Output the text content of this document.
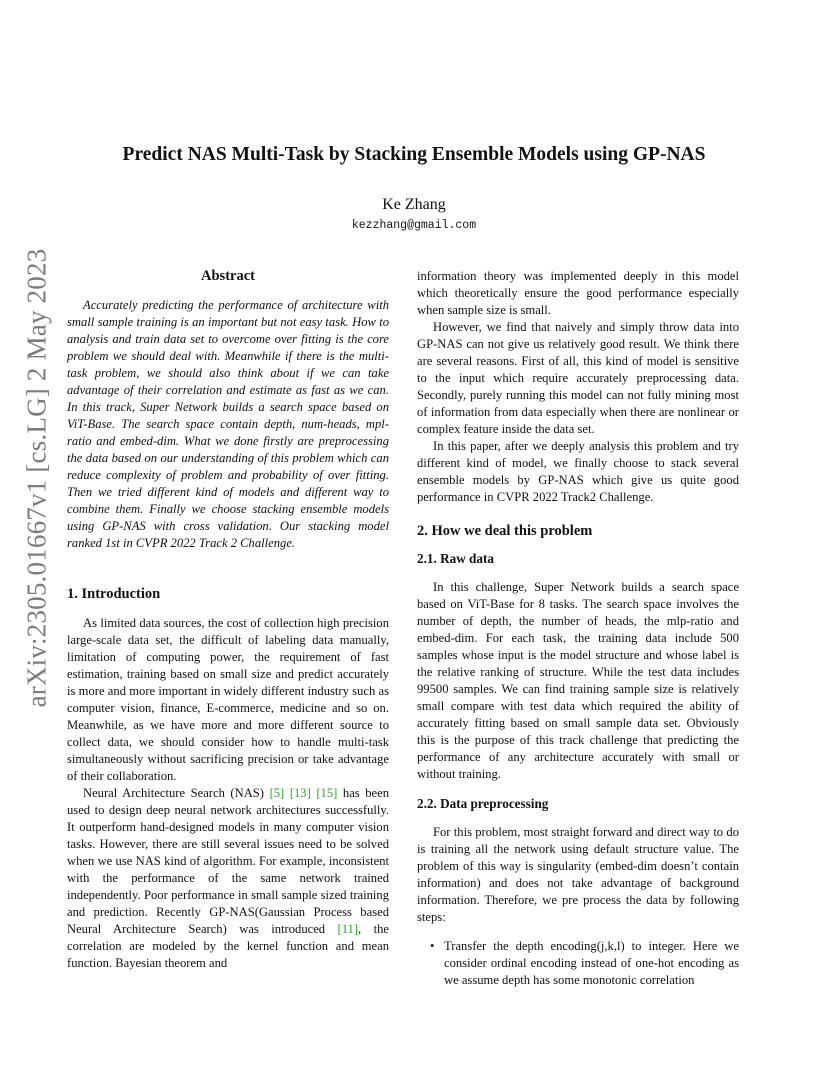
arXiv:2305.01667v1 [cs.LG] 2 May 2023
Predict NAS Multi-Task by Stacking Ensemble Models using GP-NAS
Ke Zhang
kezzhang@gmail.com
Abstract

Accurately predicting the performance of architecture with small sample training is an important but not easy task. How to analysis and train data set to overcome over fitting is the core problem we should deal with. Meanwhile if there is the multi-task problem, we should also think about if we can take advantage of their correlation and estimate as fast as we can. In this track, Super Network builds a search space based on ViT-Base. The search space contain depth, num-heads, mpl-ratio and embed-dim. What we done firstly are preprocessing the data based on our understanding of this problem which can reduce complexity of problem and probability of over fitting. Then we tried different kind of models and different way to combine them. Finally we choose stacking ensemble models using GP-NAS with cross validation. Our stacking model ranked 1st in CVPR 2022 Track 2 Challenge.

1. Introduction

As limited data sources, the cost of collection high precision large-scale data set, the difficult of labeling data manually, limitation of computing power, the requirement of fast estimation, training based on small size and predict accurately is more and more important in widely different industry such as computer vision, finance, E-commerce, medicine and so on. Meanwhile, as we have more and more different source to collect data, we should consider how to handle multi-task simultaneously without sacrificing precision or take advantage of their collaboration.

Neural Architecture Search (NAS) [5] [13] [15] has been used to design deep neural network architectures successfully. It outperform hand-designed models in many computer vision tasks. However, there are still several issues need to be solved when we use NAS kind of algorithm. For example, inconsistent with the performance of the same network trained independently. Poor performance in small sample sized training and prediction. Recently GP-NAS(Gaussian Process based Neural Architecture Search) was introduced [11], the correlation are modeled by the kernel function and mean function. Bayesian theorem and

information theory was implemented deeply in this model which theoretically ensure the good performance especially when sample size is small.

However, we find that naively and simply throw data into GP-NAS can not give us relatively good result. We think there are several reasons. First of all, this kind of model is sensitive to the input which require accurately preprocessing data. Secondly, purely running this model can not fully mining most of information from data especially when there are nonlinear or complex feature inside the data set.

In this paper, after we deeply analysis this problem and try different kind of model, we finally choose to stack several ensemble models by GP-NAS which give us quite good performance in CVPR 2022 Track2 Challenge.

2. How we deal this problem
2.1. Raw data

In this challenge, Super Network builds a search space based on ViT-Base for 8 tasks. The search space involves the number of depth, the number of heads, the mlp-ratio and embed-dim. For each task, the training data include 500 samples whose input is the model structure and whose label is the relative ranking of structure. While the test data includes 99500 samples. We can find training sample size is relatively small compare with test data which required the ability of accurately fitting based on small sample data set. Obviously this is the purpose of this track challenge that predicting the performance of any architecture accurately with small or without training.

2.2. Data preprocessing

For this problem, most straight forward and direct way to do is training all the network using default structure value. The problem of this way is singularity (embed-dim doesn’t contain information) and does not take advantage of background information. Therefore, we pre process the data by following steps:

• Transfer the depth encoding(j,k,l) to integer. Here we consider ordinal encoding instead of one-hot encoding as we assume depth has some monotonic correlation
